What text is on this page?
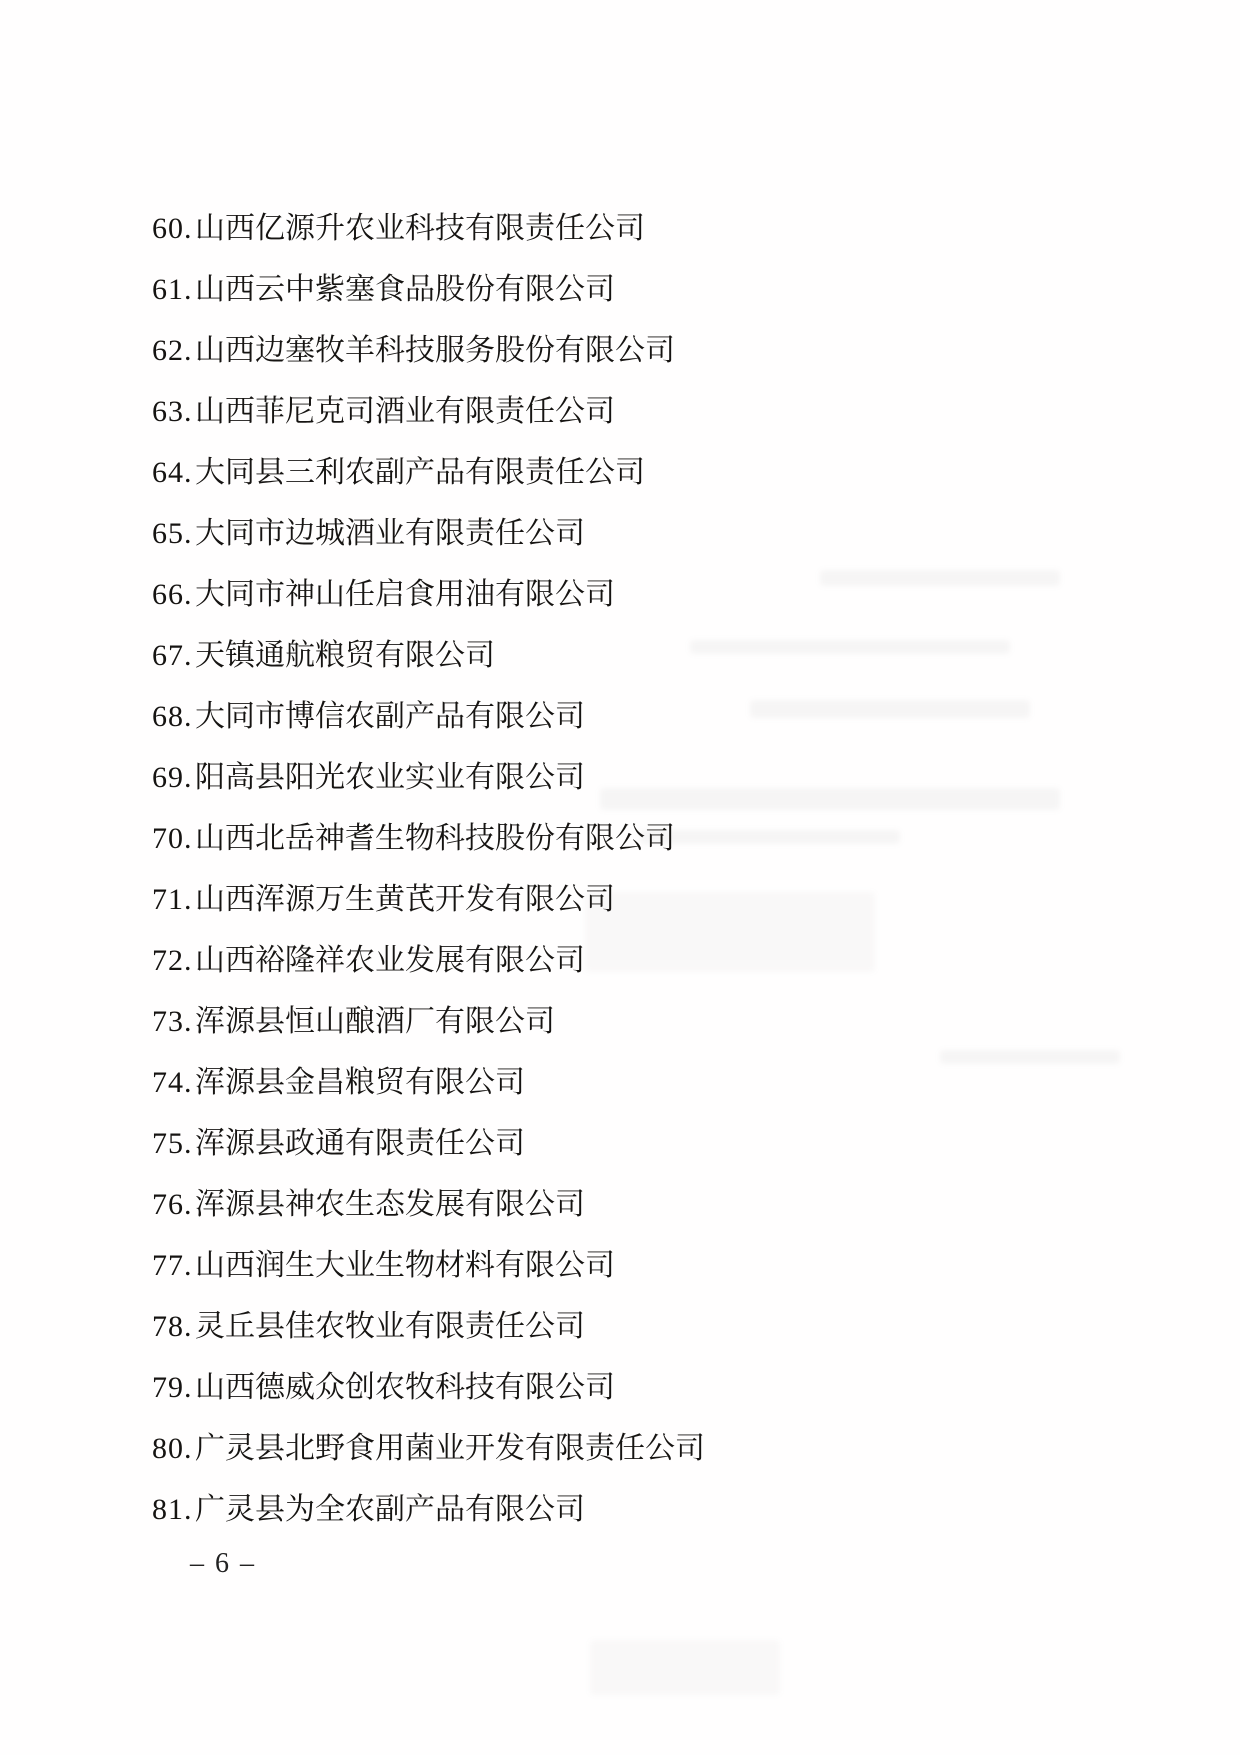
60. 山西亿源升农业科技有限责任公司
61. 山西云中紫塞食品股份有限公司
62. 山西边塞牧羊科技服务股份有限公司
63. 山西菲尼克司酒业有限责任公司
64. 大同县三利农副产品有限责任公司
65. 大同市边城酒业有限责任公司
66. 大同市神山任启食用油有限公司
67. 天镇通航粮贸有限公司
68. 大同市博信农副产品有限公司
69. 阳高县阳光农业实业有限公司
70. 山西北岳神耆生物科技股份有限公司
71. 山西浑源万生黄芪开发有限公司
72. 山西裕隆祥农业发展有限公司
73. 浑源县恒山酿酒厂有限公司
74. 浑源县金昌粮贸有限公司
75. 浑源县政通有限责任公司
76. 浑源县神农生态发展有限公司
77. 山西润生大业生物材料有限公司
78. 灵丘县佳农牧业有限责任公司
79. 山西德威众创农牧科技有限公司
80. 广灵县北野食用菌业开发有限责任公司
81. 广灵县为全农副产品有限公司
– 6 –
